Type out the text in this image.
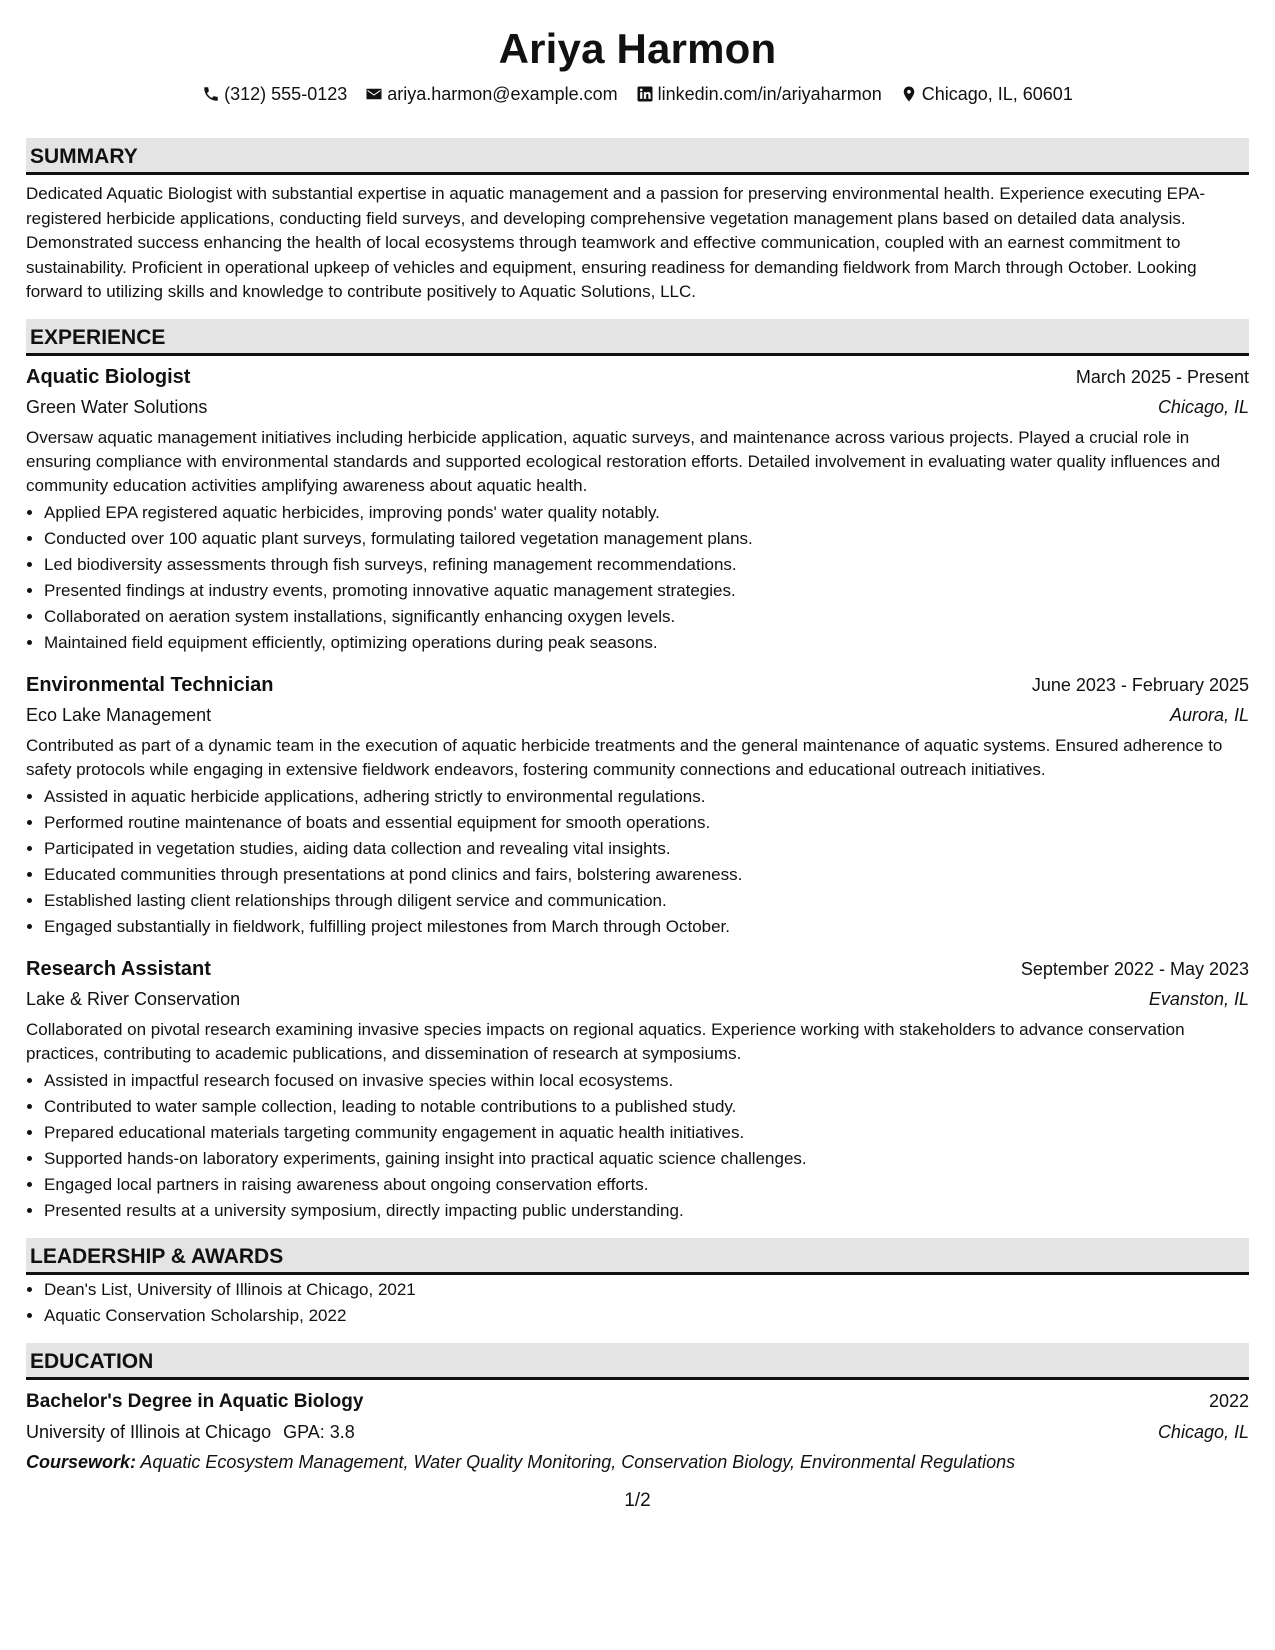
Ariya Harmon
(312) 555-0123 ariya.harmon@example.com linkedin.com/in/ariyaharmon Chicago, IL, 60601
SUMMARY
Dedicated Aquatic Biologist with substantial expertise in aquatic management and a passion for preserving environmental health. Experience executing EPA-registered herbicide applications, conducting field surveys, and developing comprehensive vegetation management plans based on detailed data analysis. Demonstrated success enhancing the health of local ecosystems through teamwork and effective communication, coupled with an earnest commitment to sustainability. Proficient in operational upkeep of vehicles and equipment, ensuring readiness for demanding fieldwork from March through October. Looking forward to utilizing skills and knowledge to contribute positively to Aquatic Solutions, LLC.
EXPERIENCE
Aquatic Biologist	March 2025 - Present
Green Water Solutions	Chicago, IL
Oversaw aquatic management initiatives including herbicide application, aquatic surveys, and maintenance across various projects. Played a crucial role in ensuring compliance with environmental standards and supported ecological restoration efforts. Detailed involvement in evaluating water quality influences and community education activities amplifying awareness about aquatic health.
• Applied EPA registered aquatic herbicides, improving ponds' water quality notably.
• Conducted over 100 aquatic plant surveys, formulating tailored vegetation management plans.
• Led biodiversity assessments through fish surveys, refining management recommendations.
• Presented findings at industry events, promoting innovative aquatic management strategies.
• Collaborated on aeration system installations, significantly enhancing oxygen levels.
• Maintained field equipment efficiently, optimizing operations during peak seasons.
Environmental Technician	June 2023 - February 2025
Eco Lake Management	Aurora, IL
Contributed as part of a dynamic team in the execution of aquatic herbicide treatments and the general maintenance of aquatic systems. Ensured adherence to safety protocols while engaging in extensive fieldwork endeavors, fostering community connections and educational outreach initiatives.
• Assisted in aquatic herbicide applications, adhering strictly to environmental regulations.
• Performed routine maintenance of boats and essential equipment for smooth operations.
• Participated in vegetation studies, aiding data collection and revealing vital insights.
• Educated communities through presentations at pond clinics and fairs, bolstering awareness.
• Established lasting client relationships through diligent service and communication.
• Engaged substantially in fieldwork, fulfilling project milestones from March through October.
Research Assistant	September 2022 - May 2023
Lake & River Conservation	Evanston, IL
Collaborated on pivotal research examining invasive species impacts on regional aquatics. Experience working with stakeholders to advance conservation practices, contributing to academic publications, and dissemination of research at symposiums.
• Assisted in impactful research focused on invasive species within local ecosystems.
• Contributed to water sample collection, leading to notable contributions to a published study.
• Prepared educational materials targeting community engagement in aquatic health initiatives.
• Supported hands-on laboratory experiments, gaining insight into practical aquatic science challenges.
• Engaged local partners in raising awareness about ongoing conservation efforts.
• Presented results at a university symposium, directly impacting public understanding.
LEADERSHIP & AWARDS
• Dean's List, University of Illinois at Chicago, 2021
• Aquatic Conservation Scholarship, 2022
EDUCATION
Bachelor's Degree in Aquatic Biology	2022
University of Illinois at Chicago GPA: 3.8	Chicago, IL
Coursework: Aquatic Ecosystem Management, Water Quality Monitoring, Conservation Biology, Environmental Regulations
1/2
